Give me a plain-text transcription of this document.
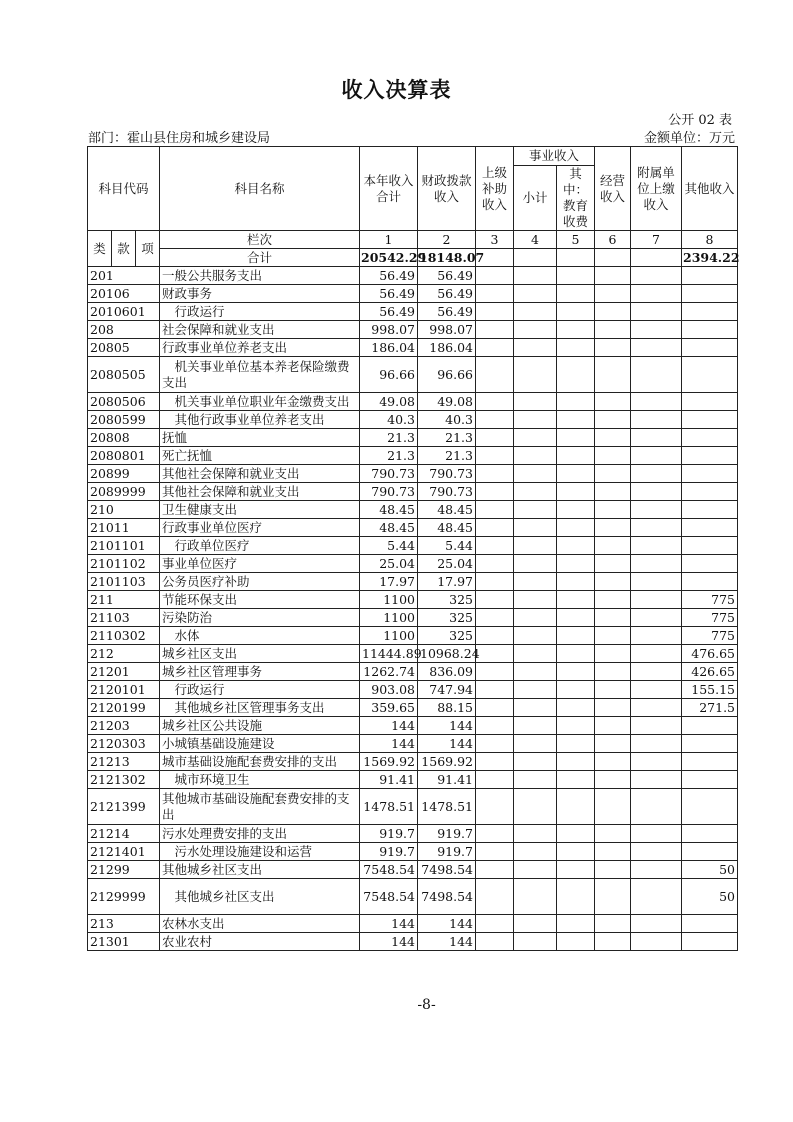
收入决算表
公开 02 表
部门：霍山县住房和城乡建设局	金额单位：万元
科目代码			科目名称	本年收入合计	财政拨款收入	上级补助收入	事业收入		经营收入	附属单位上缴收入	其他收入
							小计	其中：教育收费			
类	款	项	栏次	1	2	3	4	5	6	7	8
			合计	20542.29	18148.07						2394.22
201			一般公共服务支出	56.49	56.49						
20106			财政事务	56.49	56.49						
2010601			　行政运行	56.49	56.49						
208			社会保障和就业支出	998.07	998.07						
20805			行政事业单位养老支出	186.04	186.04						
2080505			　机关事业单位基本养老保险缴费支出	96.66	96.66						
2080506			　机关事业单位职业年金缴费支出	49.08	49.08						
2080599			　其他行政事业单位养老支出	40.3	40.3						
20808			抚恤	21.3	21.3						
2080801			死亡抚恤	21.3	21.3						
20899			其他社会保障和就业支出	790.73	790.73						
2089999			其他社会保障和就业支出	790.73	790.73						
210			卫生健康支出	48.45	48.45						
21011			行政事业单位医疗	48.45	48.45						
2101101			　行政单位医疗	5.44	5.44						
2101102			事业单位医疗	25.04	25.04						
2101103			公务员医疗补助	17.97	17.97						
211			节能环保支出	1100	325						775
21103			污染防治	1100	325						775
2110302			　水体	1100	325						775
212			城乡社区支出	11444.89	10968.24						476.65
21201			城乡社区管理事务	1262.74	836.09						426.65
2120101			　行政运行	903.08	747.94						155.15
2120199			　其他城乡社区管理事务支出	359.65	88.15						271.5
21203			城乡社区公共设施	144	144						
2120303			小城镇基础设施建设	144	144						
21213			城市基础设施配套费安排的支出	1569.92	1569.92						
2121302			　城市环境卫生	91.41	91.41						
2121399			其他城市基础设施配套费安排的支出	1478.51	1478.51						
21214			污水处理费安排的支出	919.7	919.7						
2121401			　污水处理设施建设和运营	919.7	919.7						
21299			其他城乡社区支出	7548.54	7498.54						50
2129999			　其他城乡社区支出	7548.54	7498.54						50
213			农林水支出	144	144						
21301			农业农村	144	144						
-8-
